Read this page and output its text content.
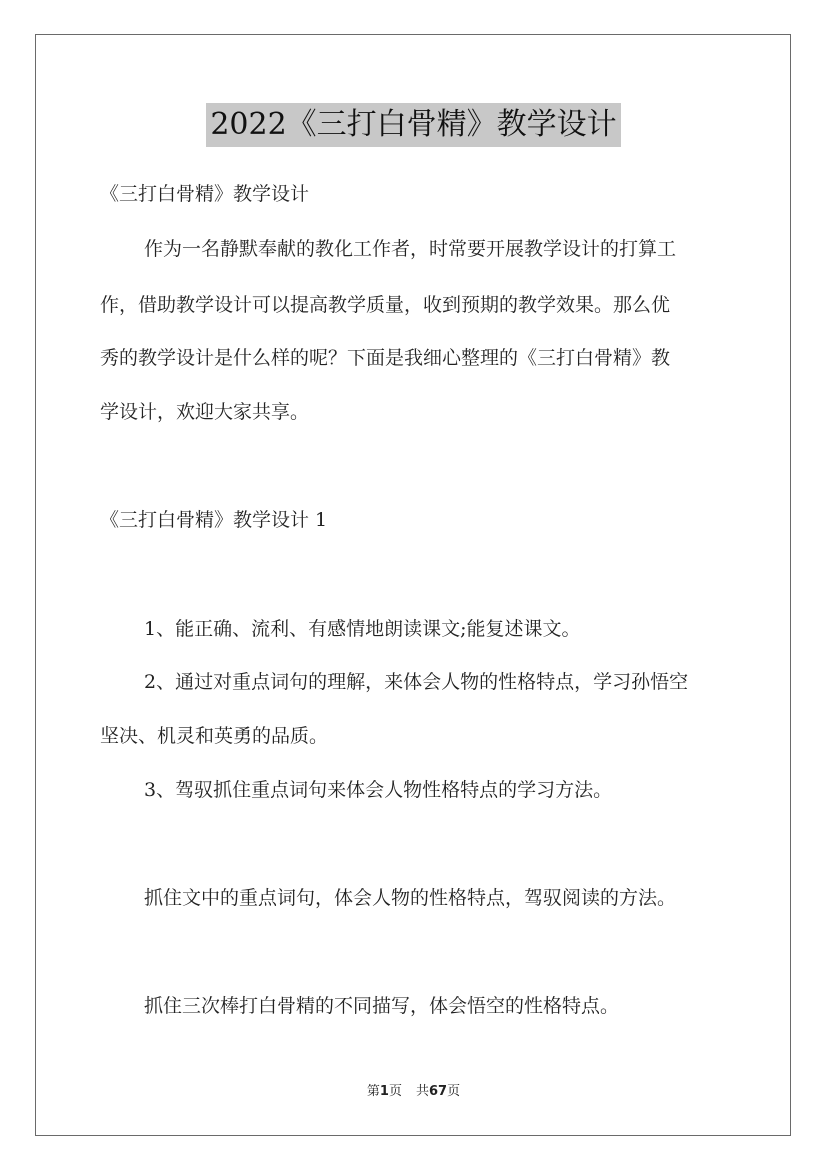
2022《三打白骨精》教学设计

《三打白骨精》教学设计

作为一名静默奉献的教化工作者，时常要开展教学设计的打算工

作，借助教学设计可以提高教学质量，收到预期的教学效果。那么优

秀的教学设计是什么样的呢？下面是我细心整理的《三打白骨精》教

学设计，欢迎大家共享。

《三打白骨精》教学设计 1

1、能正确、流利、有感情地朗读课文;能复述课文。

2、通过对重点词句的理解，来体会人物的性格特点，学习孙悟空

坚决、机灵和英勇的品质。

3、驾驭抓住重点词句来体会人物性格特点的学习方法。

抓住文中的重点词句，体会人物的性格特点，驾驭阅读的方法。

抓住三次棒打白骨精的不同描写，体会悟空的性格特点。

第1页 共67页
